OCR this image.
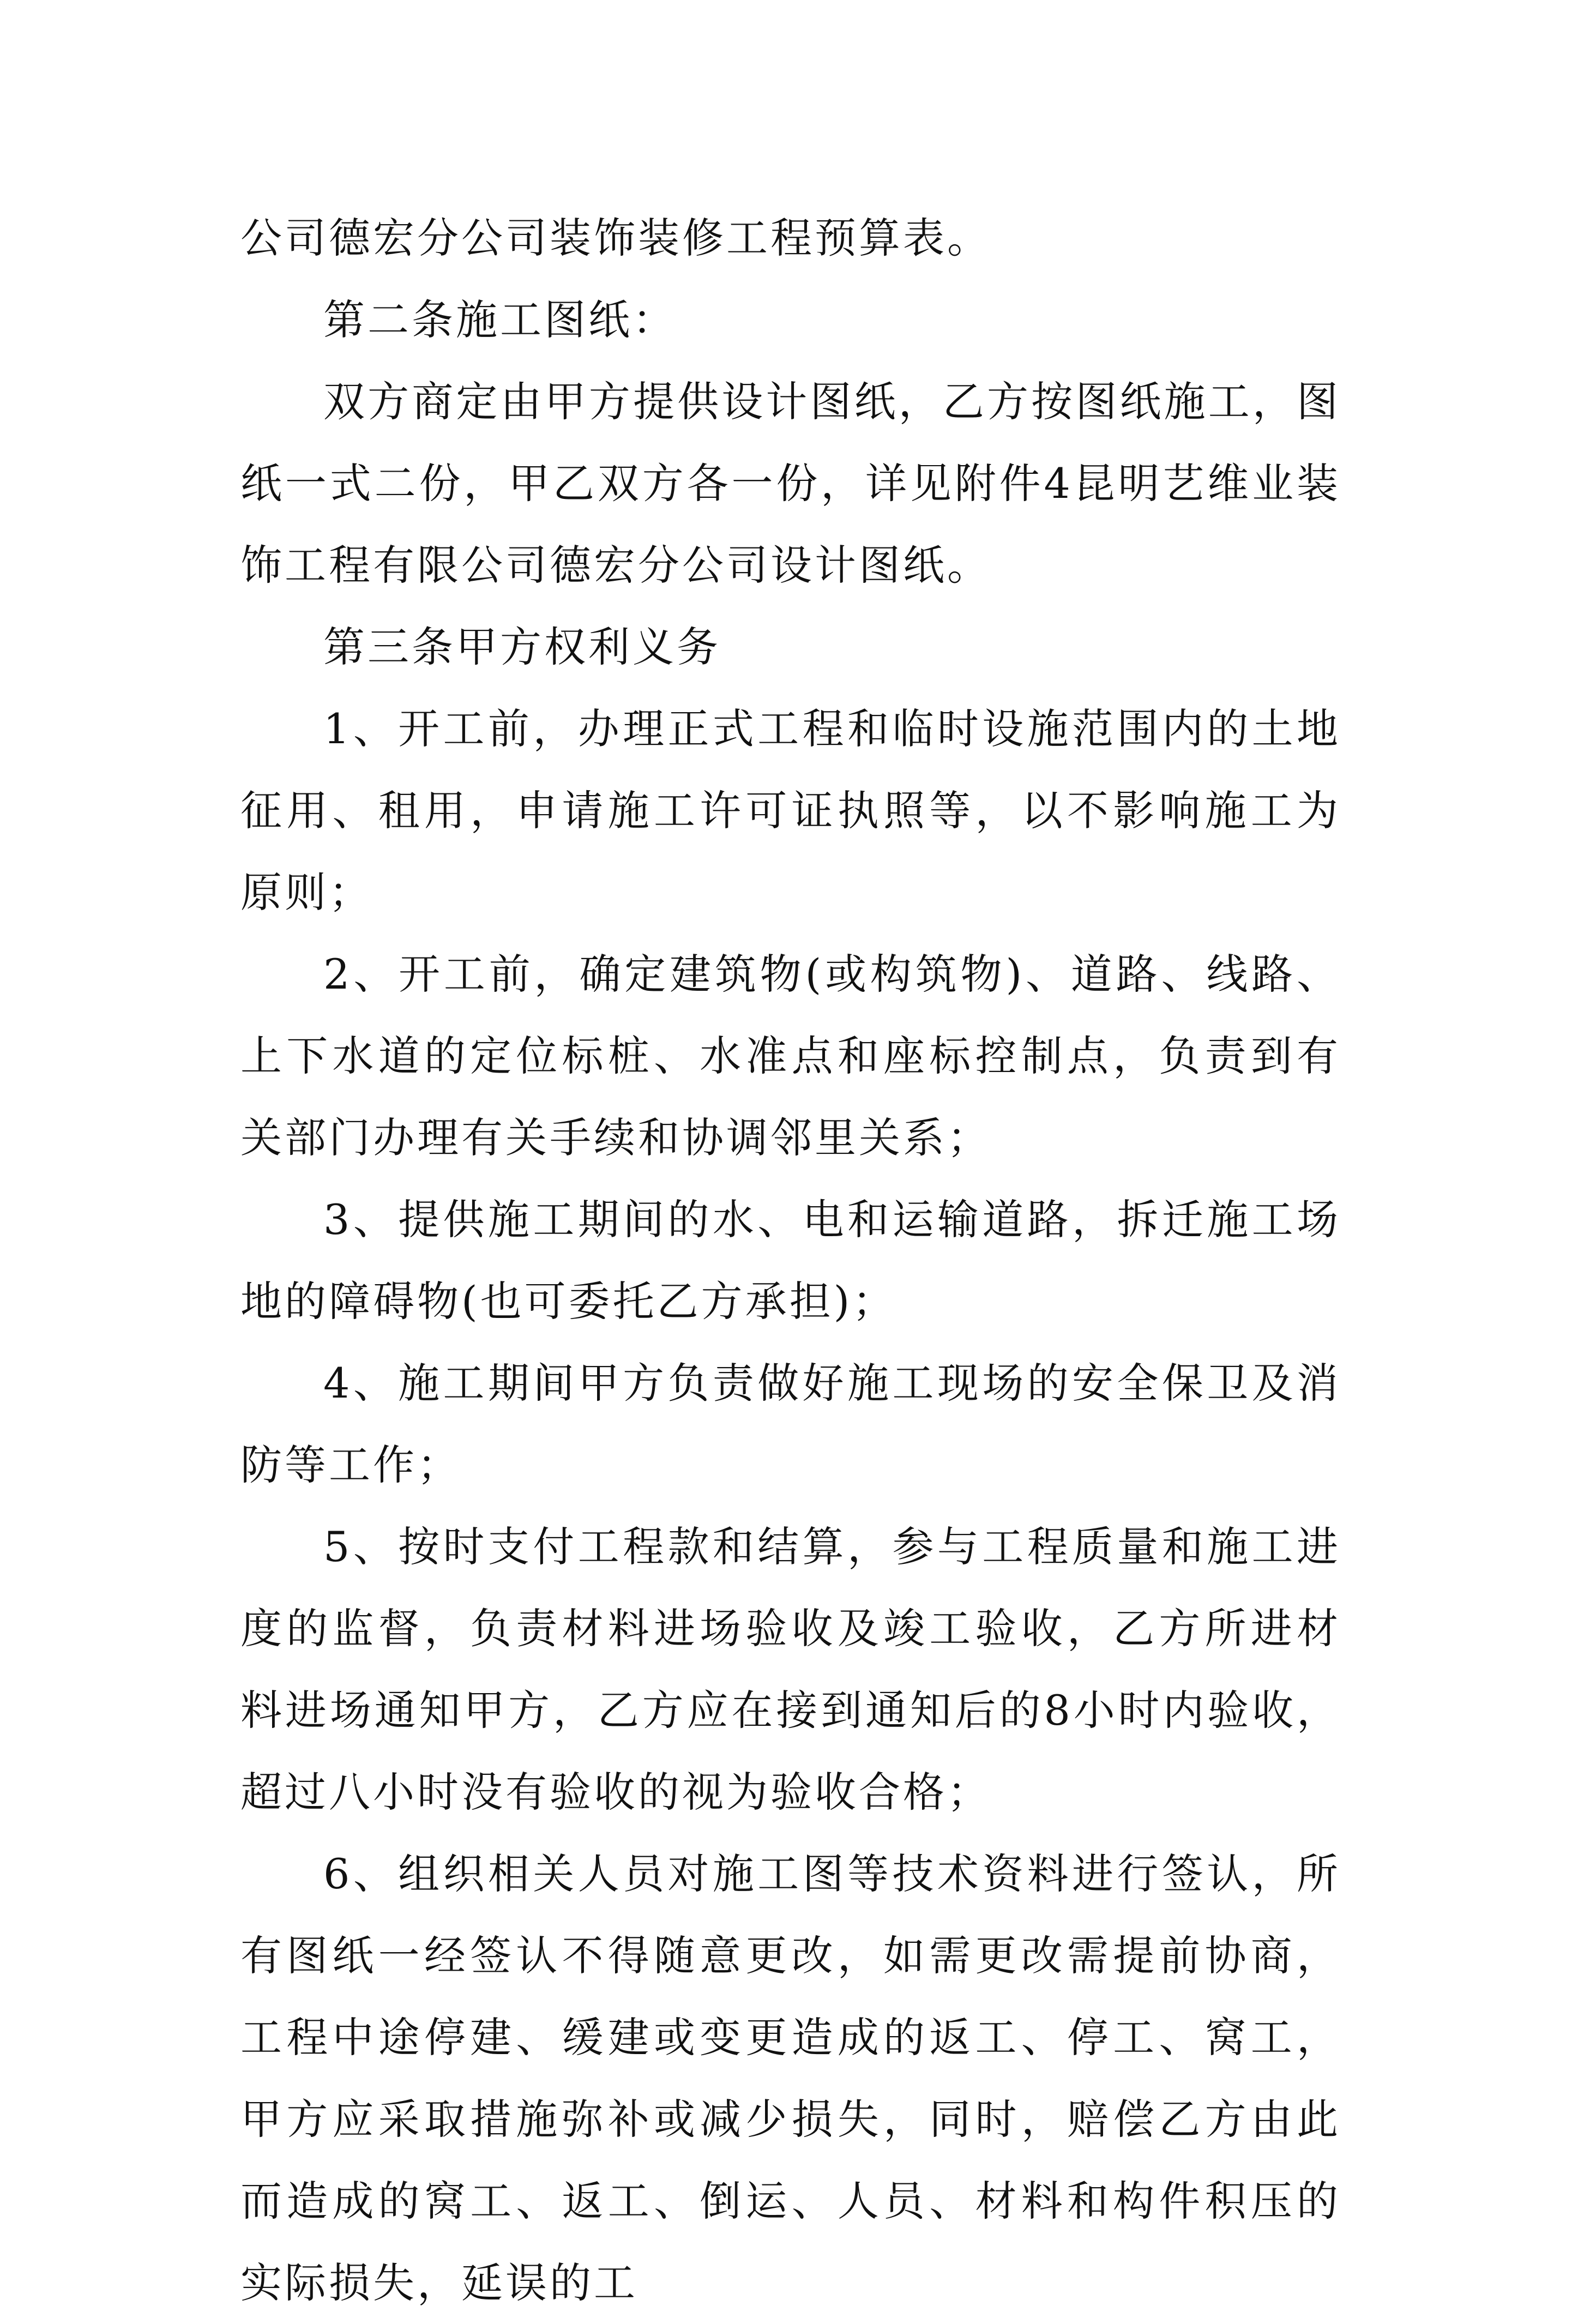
公司德宏分公司装饰装修工程预算表。

第二条施工图纸：

双方商定由甲方提供设计图纸，乙方按图纸施工，图纸一式二份，甲乙双方各一份，详见附件4昆明艺维业装饰工程有限公司德宏分公司设计图纸。

第三条甲方权利义务

1、开工前，办理正式工程和临时设施范围内的土地征用、租用，申请施工许可证执照等，以不影响施工为原则；

2、开工前，确定建筑物(或构筑物)、道路、线路、上下水道的定位标桩、水准点和座标控制点，负责到有关部门办理有关手续和协调邻里关系；

3、提供施工期间的水、电和运输道路，拆迁施工场地的障碍物(也可委托乙方承担)；

4、施工期间甲方负责做好施工现场的安全保卫及消防等工作；

5、按时支付工程款和结算，参与工程质量和施工进度的监督，负责材料进场验收及竣工验收，乙方所进材料进场通知甲方，乙方应在接到通知后的8小时内验收，超过八小时没有验收的视为验收合格；

6、组织相关人员对施工图等技术资料进行签认，所有图纸一经签认不得随意更改，如需更改需提前协商，工程中途停建、缓建或变更造成的返工、停工、窝工，甲方应采取措施弥补或减少损失，同时，赔偿乙方由此而造成的窝工、返工、倒运、人员、材料和构件积压的实际损失，延误的工
